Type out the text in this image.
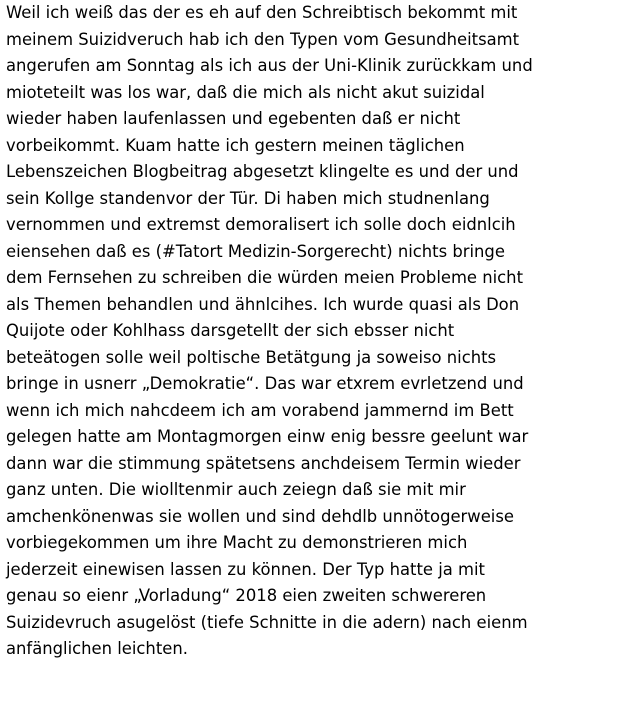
Weil ich weiß das der es eh auf den Schreibtisch bekommt mit
meinem Suizidveruch hab ich den Typen vom Gesundheitsamt
angerufen am Sonntag als ich aus der Uni-Klinik zurückkam und
mioteteilt was los war, daß die mich als nicht akut suizidal
wieder haben laufenlassen und egebenten daß er nicht
vorbeikommt. Kuam hatte ich gestern meinen täglichen
Lebenszeichen Blogbeitrag abgesetzt klingelte es und der und
sein Kollge standenvor der Tür. Di haben mich studnenlang
vernommen und extremst demoralisert ich solle doch eidnlcih
eiensehen daß es (#Tatort Medizin-Sorgerecht) nichts bringe
dem Fernsehen zu schreiben die würden meien Probleme nicht
als Themen behandlen und ähnlcihes. Ich wurde quasi als Don
Quijote oder Kohlhass darsgetellt der sich ebsser nicht
beteätogen solle weil poltische Betätgung ja soweiso nichts
bringe in usnerr „Demokratie“. Das war etxrem evrletzend und
wenn ich mich nahcdeem ich am vorabend jammernd im Bett
gelegen hatte am Montagmorgen einw enig bessre geelunt war
dann war die stimmung spätetsens anchdeisem Termin wieder
ganz unten. Die wiolltenmir auch zeiegn daß sie mit mir
amchenkönenwas sie wollen und sind dehdlb unnötogerweise
vorbiegekommen um ihre Macht zu demonstrieren mich
jederzeit einewisen lassen zu können. Der Typ hatte ja mit
genau so eienr „Vorladung“ 2018 eien zweiten schwereren
Suizidevruch asugelöst (tiefe Schnitte in die adern) nach eienm
anfänglichen leichten.
